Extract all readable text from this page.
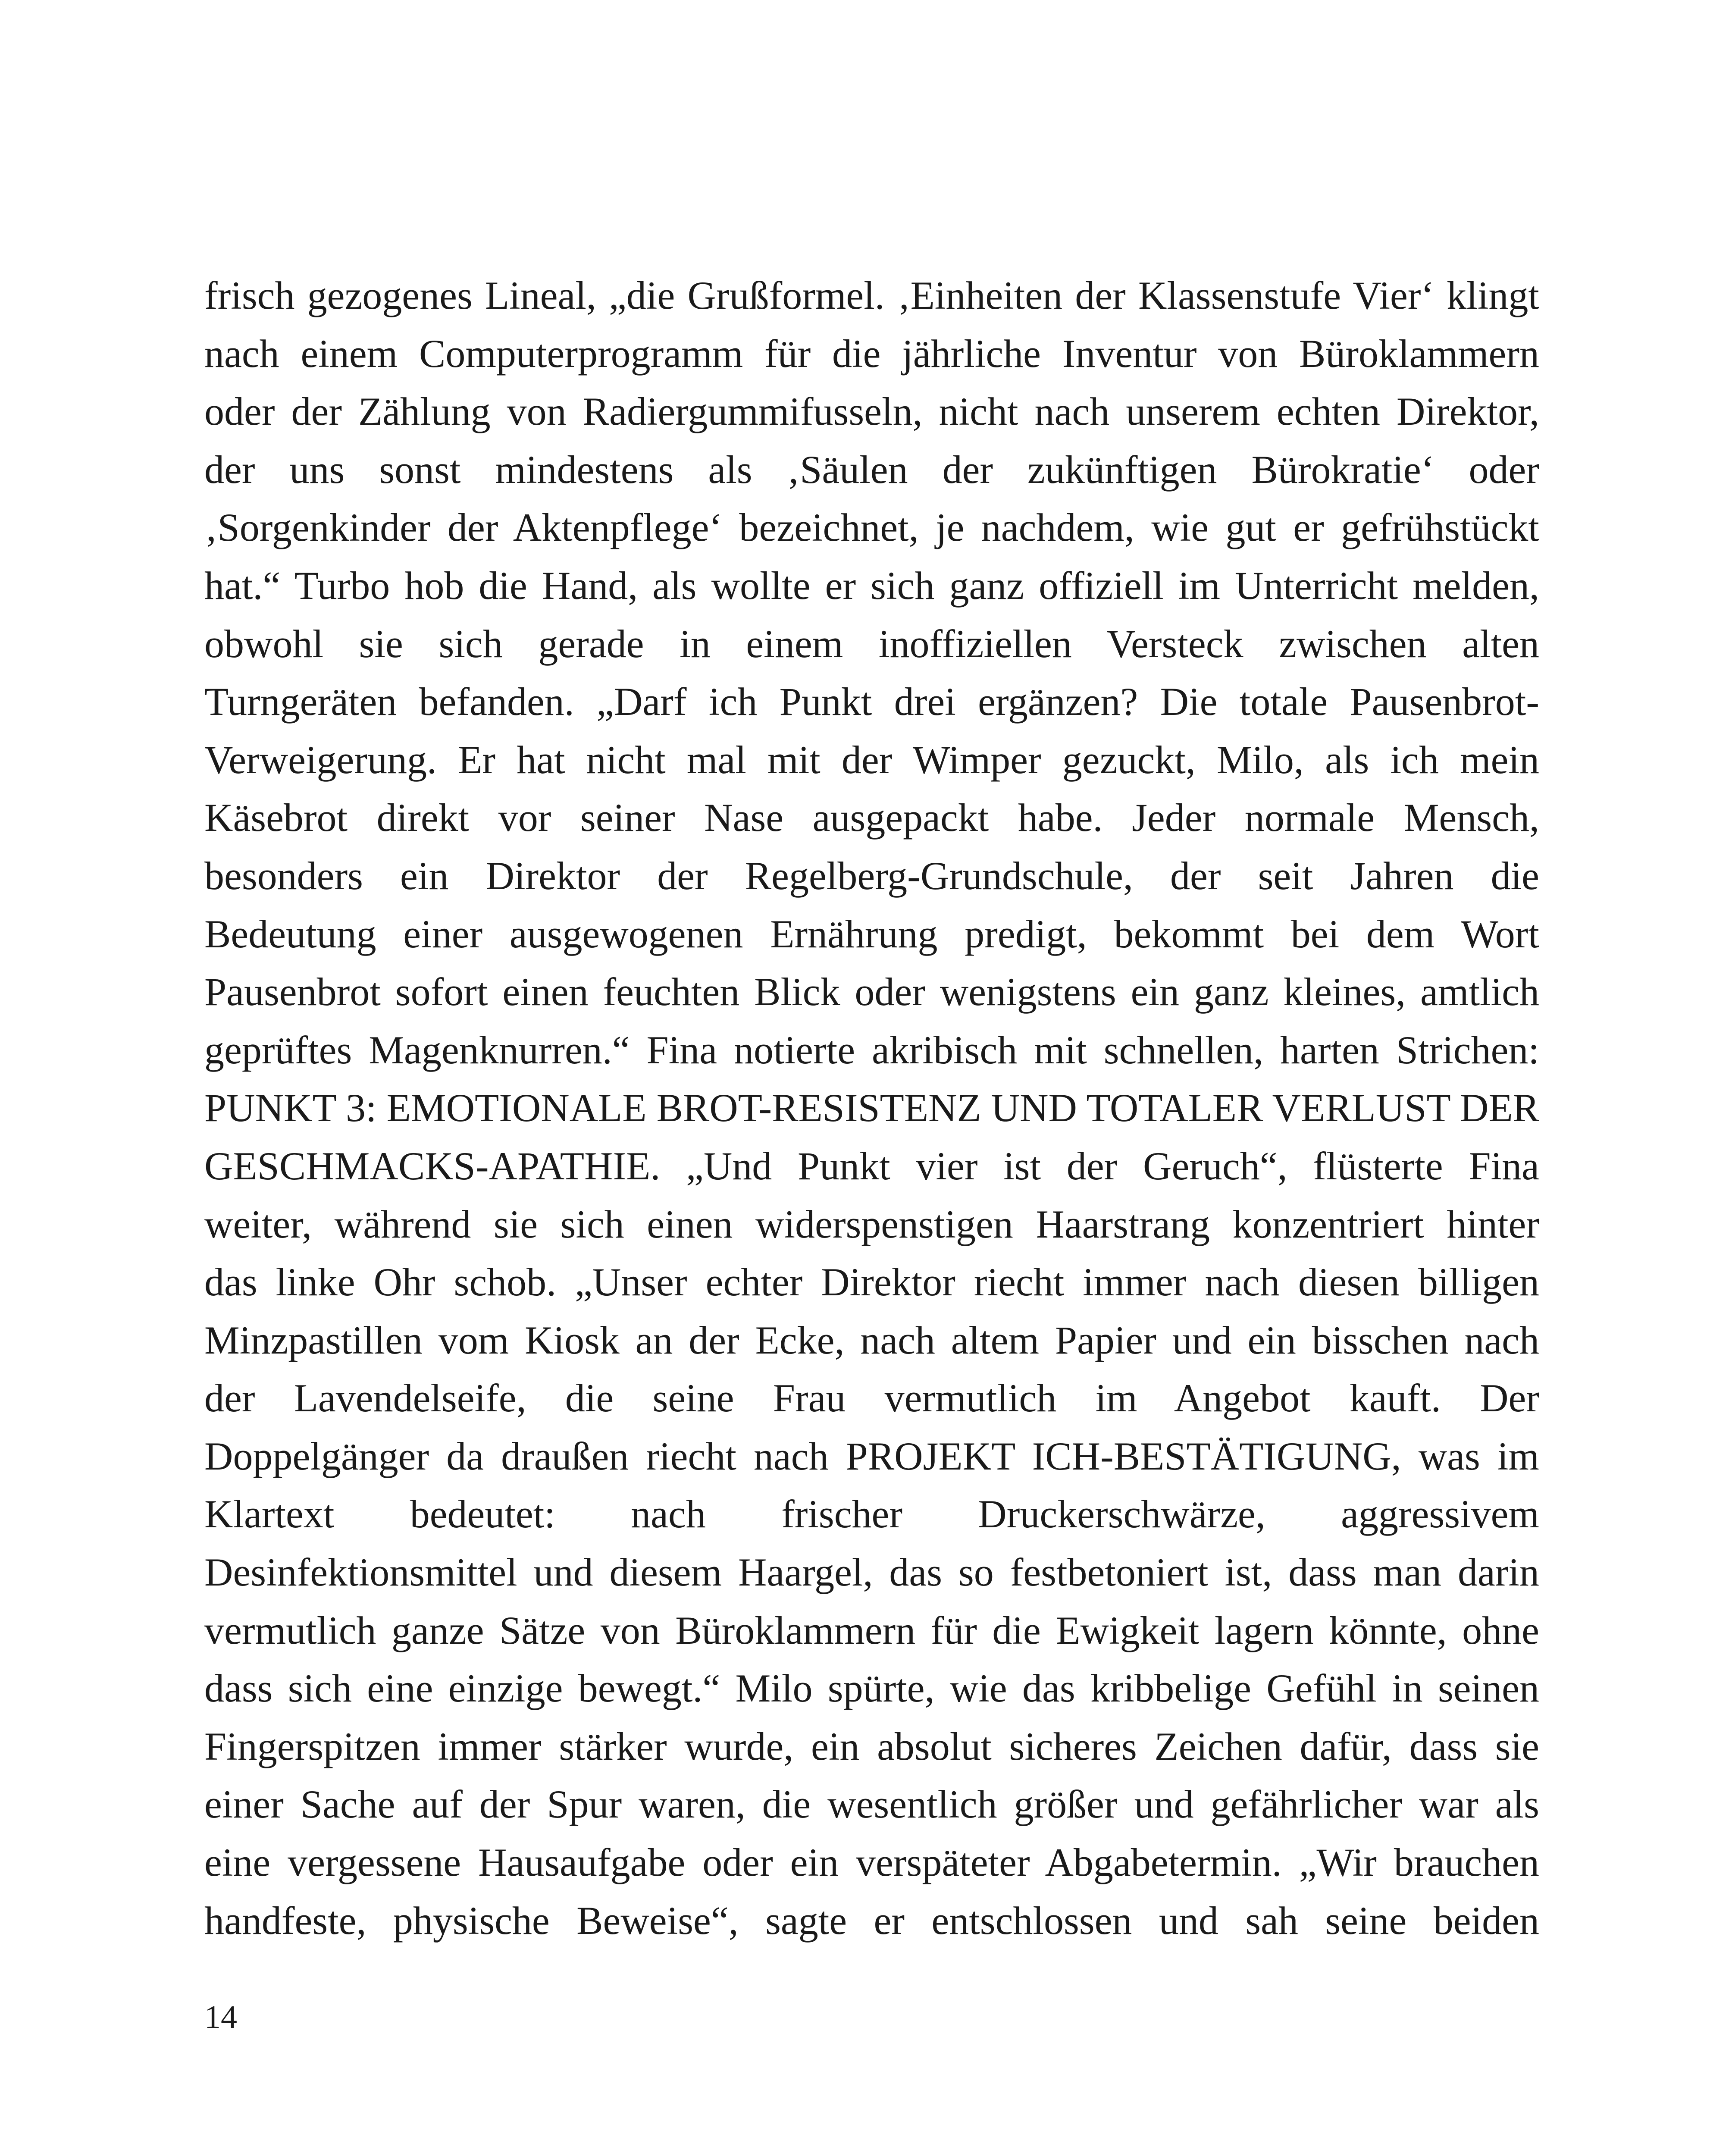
frisch gezogenes Lineal, „die Grußformel. ‚Einheiten der Klassenstufe Vier‘ klingt
nach einem Computerprogramm für die jährliche Inventur von Büroklammern
oder der Zählung von Radiergummifusseln, nicht nach unserem echten Direktor,
der uns sonst mindestens als ‚Säulen der zukünftigen Bürokratie‘ oder
‚Sorgenkinder der Aktenpflege‘ bezeichnet, je nachdem, wie gut er gefrühstückt
hat.“ Turbo hob die Hand, als wollte er sich ganz offiziell im Unterricht melden,
obwohl sie sich gerade in einem inoffiziellen Versteck zwischen alten
Turngeräten befanden. „Darf ich Punkt drei ergänzen? Die totale Pausenbrot-
Verweigerung. Er hat nicht mal mit der Wimper gezuckt, Milo, als ich mein
Käsebrot direkt vor seiner Nase ausgepackt habe. Jeder normale Mensch,
besonders ein Direktor der Regelberg-Grundschule, der seit Jahren die
Bedeutung einer ausgewogenen Ernährung predigt, bekommt bei dem Wort
Pausenbrot sofort einen feuchten Blick oder wenigstens ein ganz kleines, amtlich
geprüftes Magenknurren.“ Fina notierte akribisch mit schnellen, harten Strichen:
PUNKT 3: EMOTIONALE BROT-RESISTENZ UND TOTALER VERLUST DER
GESCHMACKS-APATHIE. „Und Punkt vier ist der Geruch“, flüsterte Fina
weiter, während sie sich einen widerspenstigen Haarstrang konzentriert hinter
das linke Ohr schob. „Unser echter Direktor riecht immer nach diesen billigen
Minzpastillen vom Kiosk an der Ecke, nach altem Papier und ein bisschen nach
der Lavendelseife, die seine Frau vermutlich im Angebot kauft. Der
Doppelgänger da draußen riecht nach PROJEKT ICH-BESTÄTIGUNG, was im
Klartext bedeutet: nach frischer Druckerschwärze, aggressivem
Desinfektionsmittel und diesem Haargel, das so festbetoniert ist, dass man darin
vermutlich ganze Sätze von Büroklammern für die Ewigkeit lagern könnte, ohne
dass sich eine einzige bewegt.“ Milo spürte, wie das kribbelige Gefühl in seinen
Fingerspitzen immer stärker wurde, ein absolut sicheres Zeichen dafür, dass sie
einer Sache auf der Spur waren, die wesentlich größer und gefährlicher war als
eine vergessene Hausaufgabe oder ein verspäteter Abgabetermin. „Wir brauchen
handfeste, physische Beweise“, sagte er entschlossen und sah seine beiden

14
